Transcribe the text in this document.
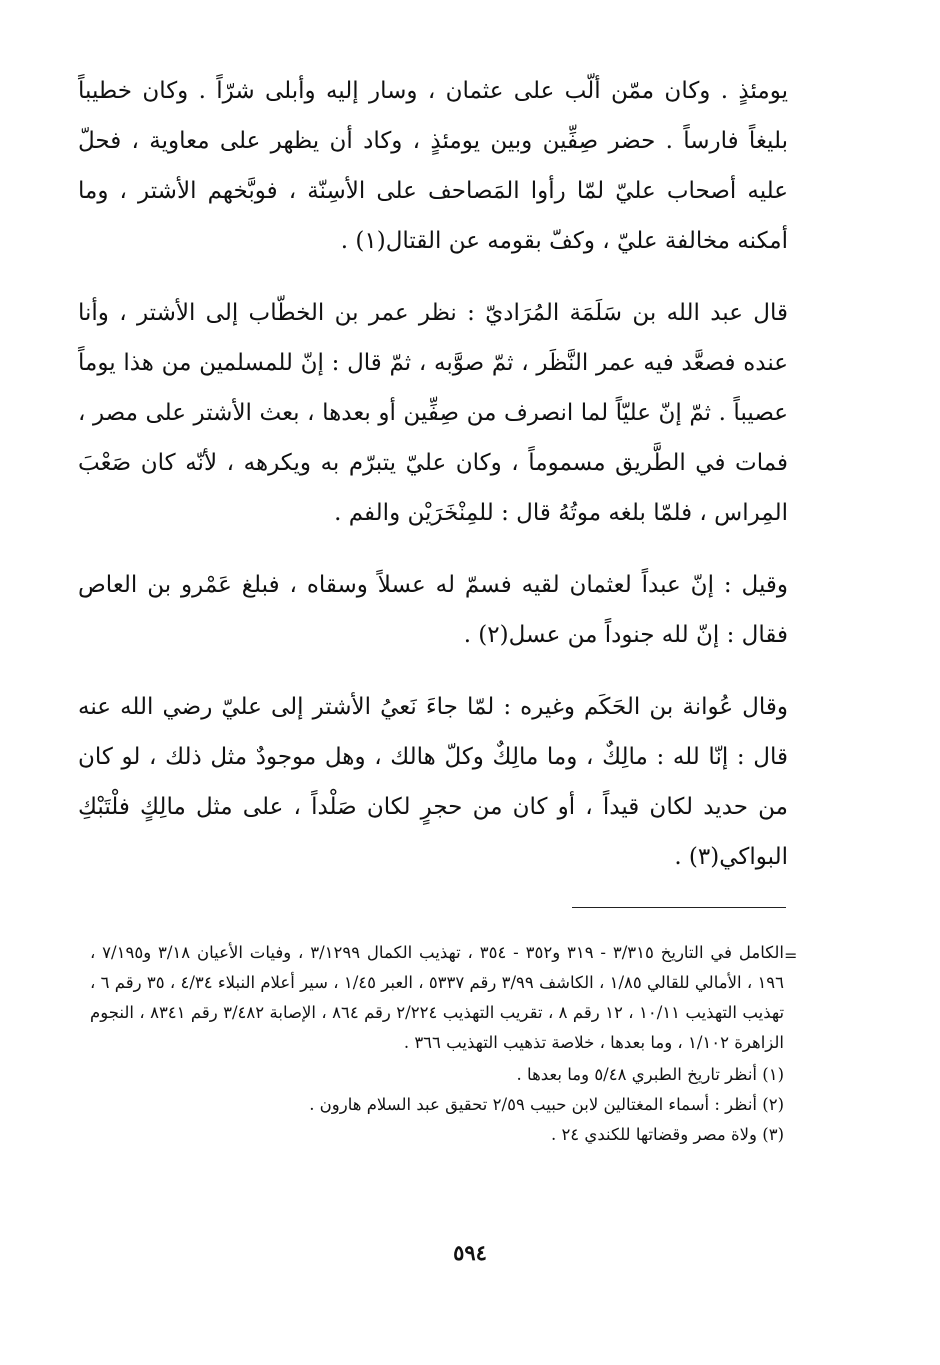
يومئذٍ . وكان ممّن ألّب على عثمان ، وسار إليه وأبلى شرّاً . وكان خطيباً بليغاً فارساً . حضر صِفِّين وبين يومئذٍ ، وكاد أن يظهر على معاوية ، فحلّ عليه أصحاب عليّ لمّا رأوا المَصاحف على الأسِنّة ، فوبَّخهم الأشتر ، وما أمكنه مخالفة عليّ ، وكفّ بقومه عن القتال(١) .

قال عبد الله بن سَلَمَة المُرَاديّ : نظر عمر بن الخطّاب إلى الأشتر ، وأنا عنده فصعَّد فيه عمر النَّظَر ، ثمّ صوَّبه ، ثمّ قال : إنّ للمسلمين من هذا يوماً عصيباً . ثمّ إنّ عليّاً لما انصرف من صِفِّين أو بعدها ، بعث الأشتر على مصر ، فمات في الطَّريق مسموماً ، وكان عليّ يتبرّم به ويكرهه ، لأنّه كان صَعْبَ المِراس ، فلمّا بلغه موتُهُ قال : للمِنْخَرَيْن والفم .

وقيل : إنّ عبداً لعثمان لقيه فسمّ له عسلاً وسقاه ، فبلغ عَمْرو بن العاص فقال : إنّ لله جنوداً من عسل(٢) .

وقال عُوانة بن الحَكَم وغيره : لمّا جاءَ نَعيُ الأشتر إلى عليّ رضي الله عنه قال : إنّا لله : مالِكٌ ، وما مالِكٌ وكلّ هالك ، وهل موجودٌ مثل ذلك ، لو كان من حديد لكان قيداً ، أو كان من حجرٍ لكان صَلْداً ، على مثل مالِكٍ فلْتَبْكِ البواكي(٣) .

=

الكامل في التاريخ ٣/٣١٥ - ٣١٩ و٣٥٢ - ٣٥٤ ، تهذيب الكمال ٣/١٢٩٩ ، وفيات الأعيان ٣/١٨ و٧/١٩٥ ، ١٩٦ ، الأمالي للقالي ١/٨٥ ، الكاشف ٣/٩٩ رقم ٥٣٣٧ ، العبر ١/٤٥ ، سير أعلام النبلاء ٤/٣٤ ، ٣٥ رقم ٦ ، تهذيب التهذيب ١٠/١١ ، ١٢ رقم ٨ ، تقريب التهذيب ٢/٢٢٤ رقم ٨٦٤ ، الإصابة ٣/٤٨٢ رقم ٨٣٤١ ، النجوم الزاهرة ١/١٠٢ ، وما بعدها ، خلاصة تذهيب التهذيب ٣٦٦ .

(١) أنظر تاريخ الطبري ٥/٤٨ وما بعدها .

(٢) أنظر : أسماء المغتالين لابن حبيب ٢/٥٩ تحقيق عبد السلام هارون .

(٣) ولاة مصر وقضاتها للكندي ٢٤ .

٥٩٤
